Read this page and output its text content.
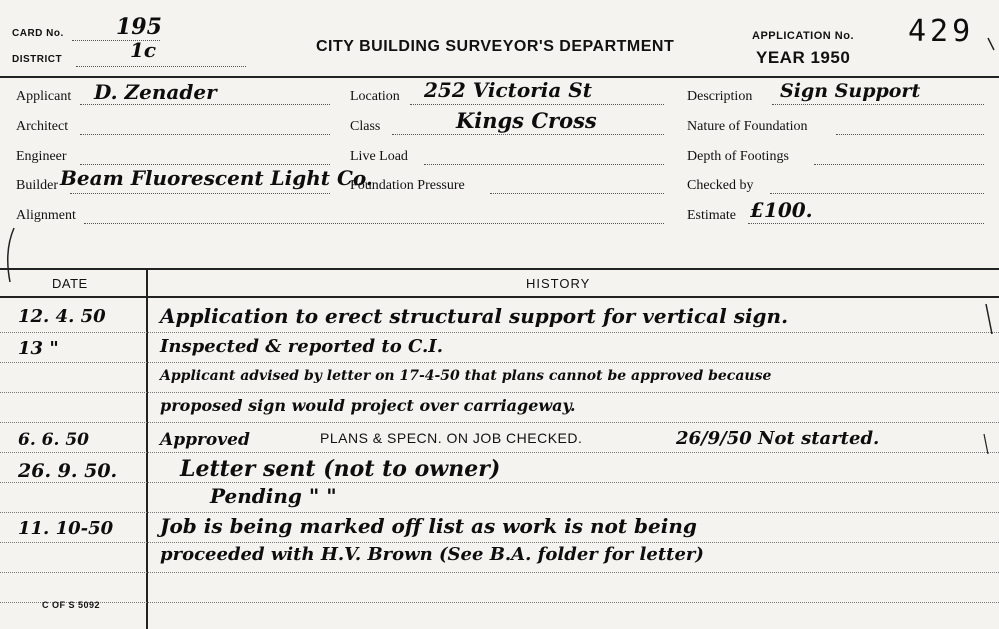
CARD No. 195
DISTRICT	1c	CITY BUILDING SURVEYOR'S DEPARTMENT
APPLICATION No. 429
YEAR 1950
Applicant D. Zenader
Architect
Engineer
Builder Beam Fluorescent Light Co.
Alignment
Location 252 Victoria St
Class	Kings Cross
Live Load
Foundation Pressure
Description Sign Support
Nature of Foundation
Depth of Footings
Checked by
Estimate £100.
DATE	HISTORY
12. 4. 50	Application to erect structural support for vertical sign.
13 "	Inspected & reported to C.I.
Applicant advised by letter on 17-4-50 that plans cannot be approved because
proposed sign would project over carriageway.
6. 6. 50	Approved	PLANS & SPECN. ON JOB CHECKED.	26/9/50 Not started.
26. 9. 50.	Letter sent (not to owner)
Pending " "
11. 10-50 Job is being marked off list as work is not being
proceeded with H.V. Brown (See B.A. folder for letter)
C OF S 5092
